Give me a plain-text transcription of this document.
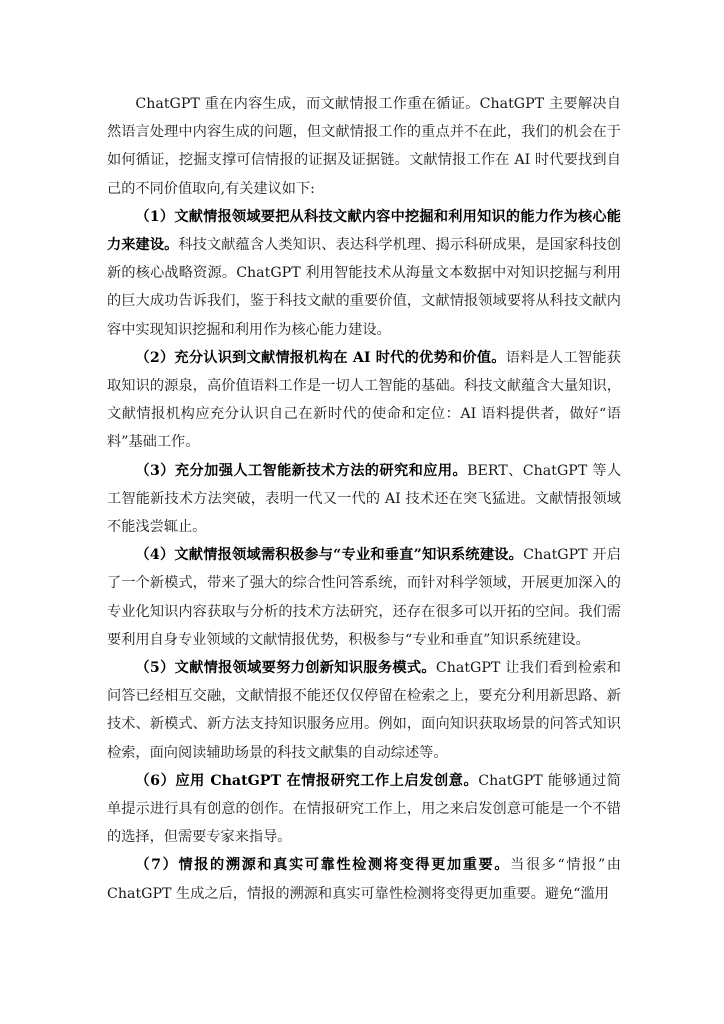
ChatGPT 重在内容生成，而文献情报工作重在循证。ChatGPT 主要解决自然语言处理中内容生成的问题，但文献情报工作的重点并不在此，我们的机会在于如何循证，挖掘支撑可信情报的证据及证据链。文献情报工作在 AI 时代要找到自己的不同价值取向,有关建议如下:

（1）文献情报领域要把从科技文献内容中挖掘和利用知识的能力作为核心能力来建设。科技文献蕴含人类知识、表达科学机理、揭示科研成果，是国家科技创新的核心战略资源。ChatGPT 利用智能技术从海量文本数据中对知识挖掘与利用的巨大成功告诉我们，鉴于科技文献的重要价值，文献情报领域要将从科技文献内容中实现知识挖掘和利用作为核心能力建设。

（2）充分认识到文献情报机构在 AI 时代的优势和价值。语料是人工智能获取知识的源泉，高价值语料工作是一切人工智能的基础。科技文献蕴含大量知识，文献情报机构应充分认识自己在新时代的使命和定位：AI 语料提供者，做好“语料”基础工作。

（3）充分加强人工智能新技术方法的研究和应用。BERT、ChatGPT 等人工智能新技术方法突破，表明一代又一代的 AI 技术还在突飞猛进。文献情报领域不能浅尝辄止。

（4）文献情报领域需积极参与“专业和垂直”知识系统建设。ChatGPT 开启了一个新模式，带来了强大的综合性问答系统，而针对科学领域，开展更加深入的专业化知识内容获取与分析的技术方法研究，还存在很多可以开拓的空间。我们需要利用自身专业领域的文献情报优势，积极参与“专业和垂直”知识系统建设。

（5）文献情报领域要努力创新知识服务模式。ChatGPT 让我们看到检索和问答已经相互交融，文献情报不能还仅仅停留在检索之上，要充分利用新思路、新技术、新模式、新方法支持知识服务应用。例如，面向知识获取场景的问答式知识检索，面向阅读辅助场景的科技文献集的自动综述等。

（6）应用 ChatGPT 在情报研究工作上启发创意。ChatGPT 能够通过简单提示进行具有创意的创作。在情报研究工作上，用之来启发创意可能是一个不错的选择，但需要专家来指导。

（7）情报的溯源和真实可靠性检测将变得更加重要。当很多“情报”由 ChatGPT 生成之后，情报的溯源和真实可靠性检测将变得更加重要。避免“滥用
